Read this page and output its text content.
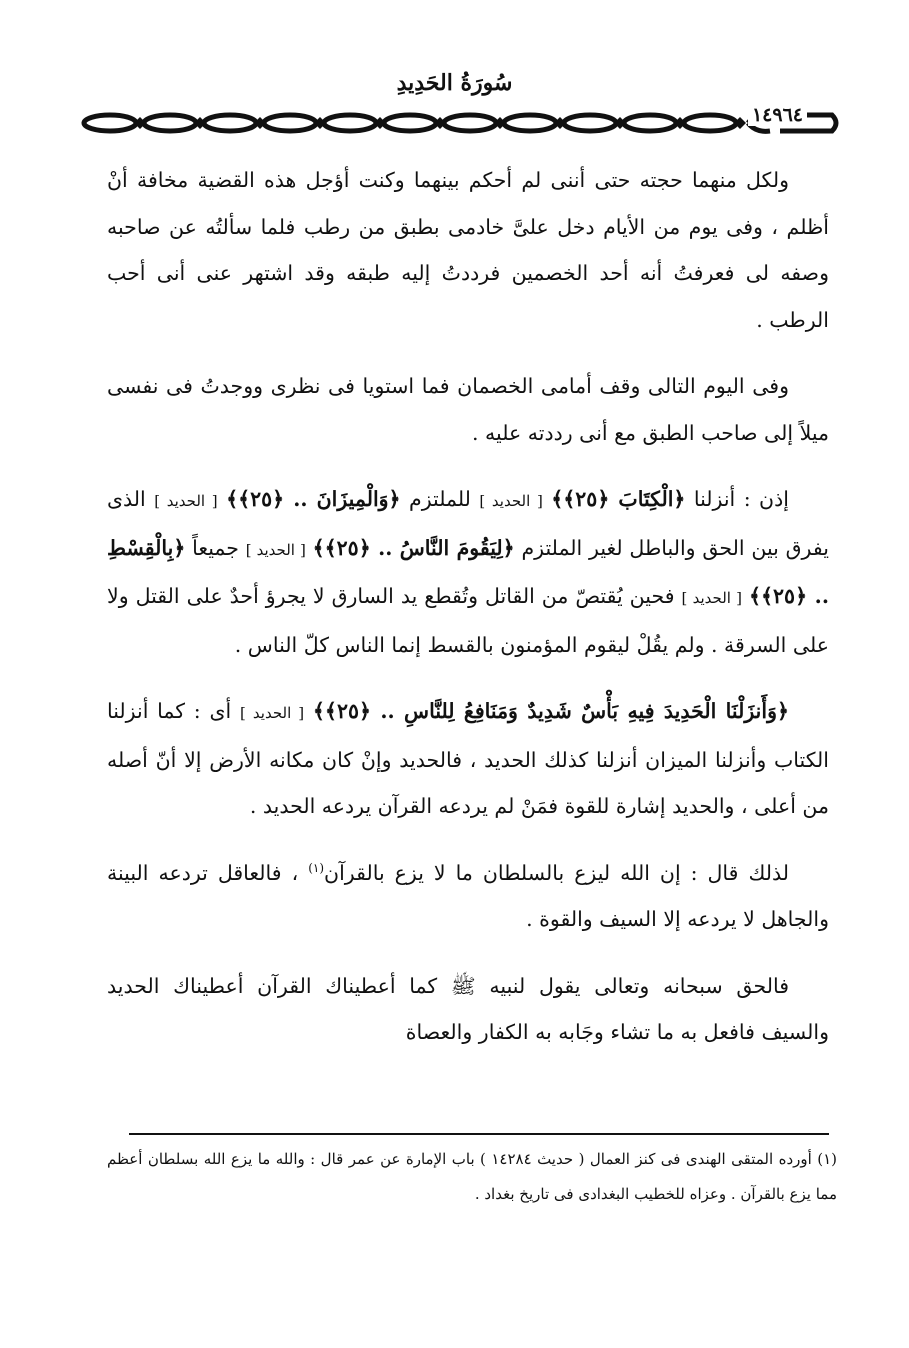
سُورَةُ الحَدِيدِ
١٤٩٦٤

ولكل منهما حجته حتى أننى لم أحكم بينهما وكنت أؤجل هذه القضية مخافة أنْ أظلم ، وفى يوم من الأيام دخل علىَّ خادمى بطبق من رطب فلما سألتُه عن صاحبه وصفه لى فعرفتُ أنه أحد الخصمين فرددتُ إليه طبقه وقد اشتهر عنى أنى أحب الرطب .

وفى اليوم التالى وقف أمامى الخصمان فما استويا فى نظرى ووجدتُ فى نفسى ميلاً إلى صاحب الطبق مع أنى رددته عليه .

إذن : أنزلنا ﴿الْكِتَابَ ﴿٢٥﴾﴾ [ الحديد ] للملتزم ﴿وَالْمِيزَانَ .. ﴿٢٥﴾﴾ [ الحديد ] الذى يفرق بين الحق والباطل لغير الملتزم ﴿لِيَقُومَ النَّاسُ .. ﴿٢٥﴾﴾ [ الحديد ] جميعاً ﴿بِالْقِسْطِ .. ﴿٢٥﴾﴾ [ الحديد ] فحين يُقتصّ من القاتل وتُقطع يد السارق لا يجرؤ أحدٌ على القتل ولا على السرقة . ولم يقُلْ ليقوم المؤمنون بالقسط إنما الناس كلّ الناس .

﴿وَأَنزَلْنَا الْحَدِيدَ فِيهِ بَأْسٌ شَدِيدٌ وَمَنَافِعُ لِلنَّاسِ .. ﴿٢٥﴾﴾ [ الحديد ] أى : كما أنزلنا الكتاب وأنزلنا الميزان أنزلنا كذلك الحديد ، فالحديد وإنْ كان مكانه الأرض إلا أنّ أصله من أعلى ، والحديد إشارة للقوة فمَنْ لم يردعه القرآن يردعه الحديد .

لذلك قال : إن الله ليزع بالسلطان ما لا يزع بالقرآن$^{(١)}$ ، فالعاقل تردعه البينة والجاهل لا يردعه إلا السيف والقوة .

فالحق سبحانه وتعالى يقول لنبيه ﷺ كما أعطيناك القرآن أعطيناك الحديد والسيف فافعل به ما تشاء وجَابه به الكفار والعصاة

(١) أورده المتقى الهندى فى كنز العمال ( حديث ١٤٢٨٤ ) باب الإمارة عن عمر قال : والله ما يزع الله بسلطان أعظم مما يزع بالقرآن . وعزاه للخطيب البغدادى فى تاريخ بغداد .
